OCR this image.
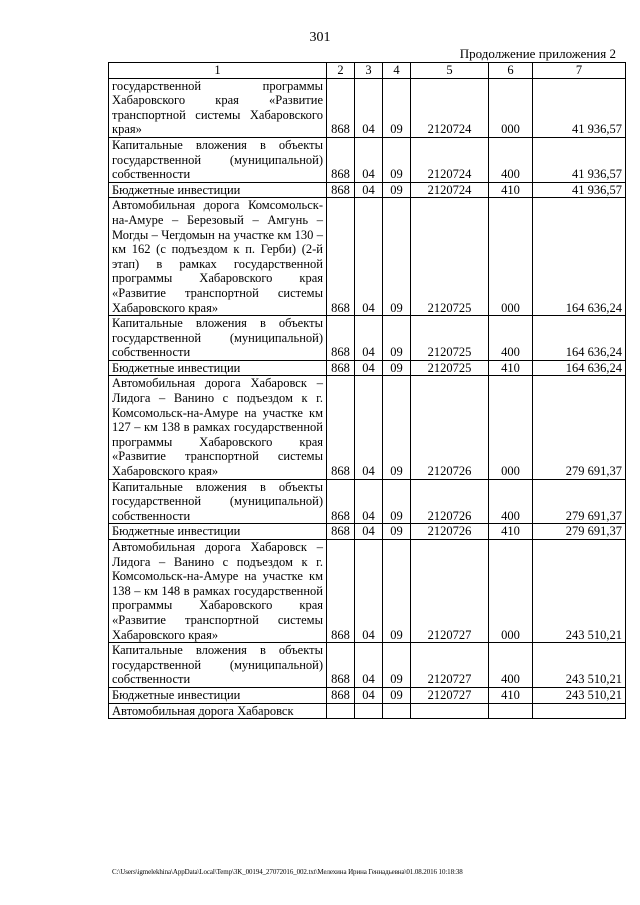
301
Продолжение приложения 2
1	2	3	4	5	6	7
государственной программы Хабаровского края «Развитие транспортной системы Хабаровского края»	868	04	09	2120724	000	41 936,57
Капитальные вложения в объекты государственной (муниципальной) собственности	868	04	09	2120724	400	41 936,57
Бюджетные инвестиции	868	04	09	2120724	410	41 936,57
Автомобильная дорога Комсомольск-на-Амуре – Березовый – Амгунь – Могды – Чегдомын на участке км 130 – км 162 (с подъездом к п. Герби) (2-й этап) в рамках государственной программы Хабаровского края «Развитие транспортной системы Хабаровского края»	868	04	09	2120725	000	164 636,24
Капитальные вложения в объекты государственной (муниципальной) собственности	868	04	09	2120725	400	164 636,24
Бюджетные инвестиции	868	04	09	2120725	410	164 636,24
Автомобильная дорога Хабаровск – Лидога – Ванино с подъездом к г. Комсомольск-на-Амуре на участке км 127 – км 138 в рамках государственной программы Хабаровского края «Развитие транспортной системы Хабаровского края»	868	04	09	2120726	000	279 691,37
Капитальные вложения в объекты государственной (муниципальной) собственности	868	04	09	2120726	400	279 691,37
Бюджетные инвестиции	868	04	09	2120726	410	279 691,37
Автомобильная дорога Хабаровск – Лидога – Ванино с подъездом к г. Комсомольск-на-Амуре на участке км 138 – км 148 в рамках государственной программы Хабаровского края «Развитие транспортной системы Хабаровского края»	868	04	09	2120727	000	243 510,21
Капитальные вложения в объекты государственной (муниципальной) собственности	868	04	09	2120727	400	243 510,21
Бюджетные инвестиции	868	04	09	2120727	410	243 510,21
Автомобильная дорога Хабаровск						
C:\Users\igmelekhina\AppData\Local\Temp\3K_00194_27072016_002.txt\Мелехина Ирина Геннадьевна\01.08.2016 10:18:38
